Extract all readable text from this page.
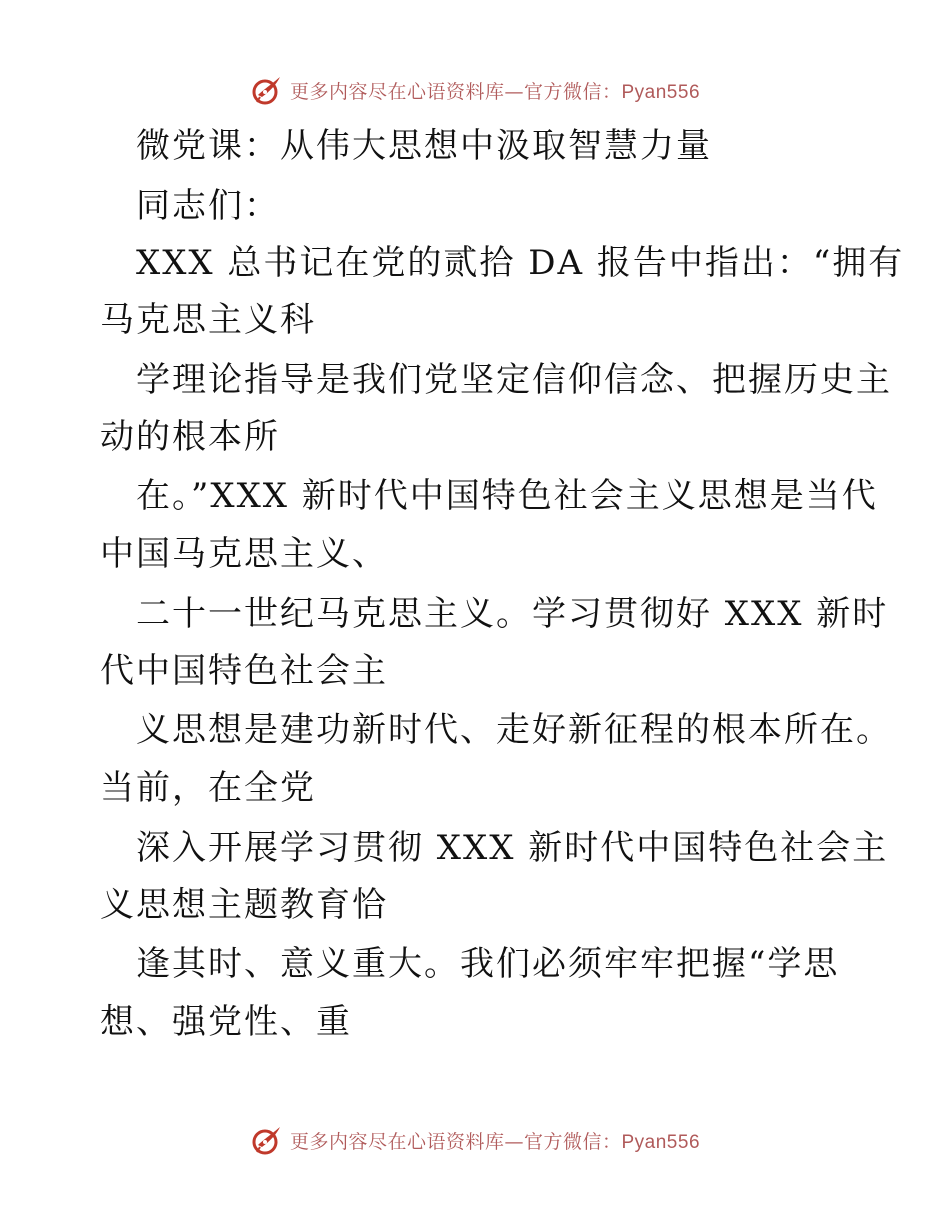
更多内容尽在心语资料库—官方微信：Pyan556
微党课：从伟大思想中汲取智慧力量
同志们：
XXX 总书记在党的贰拾 DA 报告中指出：“拥有
马克思主义科
学理论指导是我们党坚定信仰信念、把握历史主
动的根本所
在。”XXX 新时代中国特色社会主义思想是当代
中国马克思主义、
二十一世纪马克思主义。学习贯彻好 XXX 新时
代中国特色社会主
义思想是建功新时代、走好新征程的根本所在。
当前，在全党
深入开展学习贯彻 XXX 新时代中国特色社会主
义思想主题教育恰
逢其时、意义重大。我们必须牢牢把握“学思
想、强党性、重
更多内容尽在心语资料库—官方微信：Pyan556
